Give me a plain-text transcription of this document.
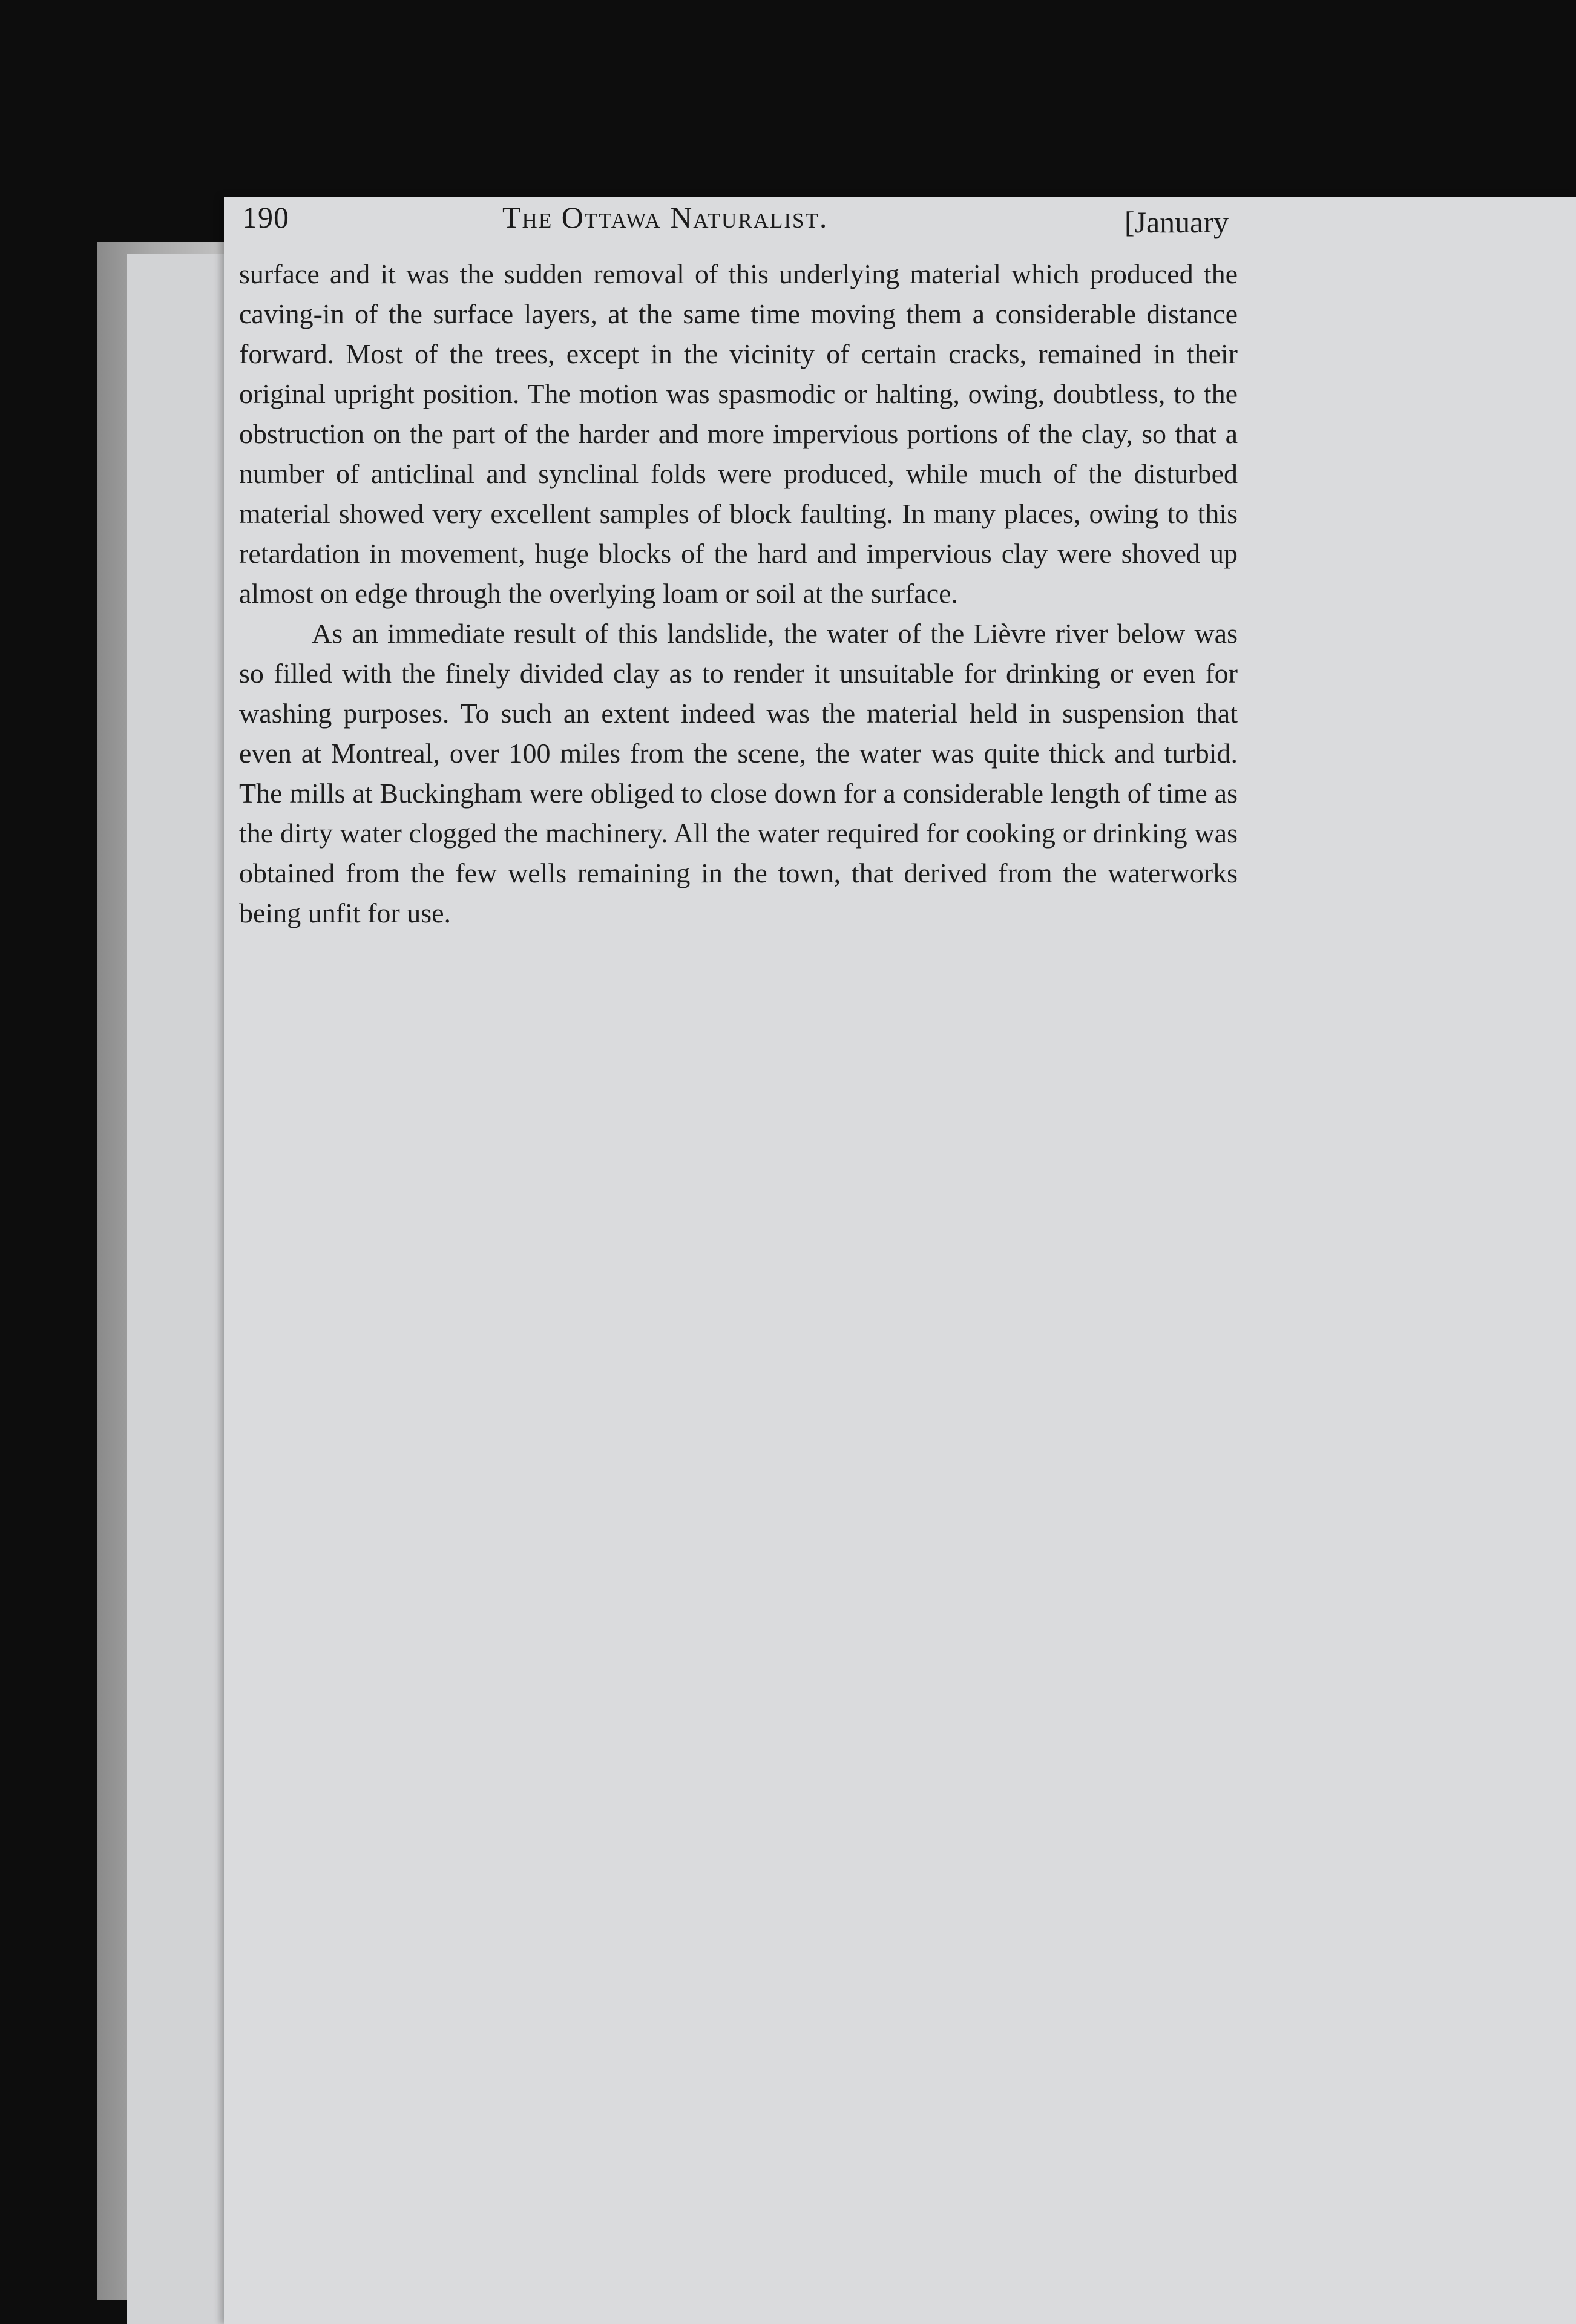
190	The Ottawa Naturalist.	[January

surface and it was the sudden removal of this underlying material which produced the caving-in of the surface layers, at the same time moving them a considerable distance forward. Most of the trees, except in the vicinity of certain cracks, remained in their original upright position. The motion was spasmodic or halting, owing, doubtless, to the obstruction on the part of the harder and more impervious portions of the clay, so that a number of anticlinal and synclinal folds were produced, while much of the disturbed material showed very excellent samples of block faulting. In many places, owing to this retardation in movement, huge blocks of the hard and impervious clay were shoved up almost on edge through the overlying loam or soil at the surface.

As an immediate result of this landslide, the water of the Lièvre river below was so filled with the finely divided clay as to render it unsuitable for drinking or even for washing purposes. To such an extent indeed was the material held in suspension that even at Montreal, over 100 miles from the scene, the water was quite thick and turbid. The mills at Buckingham were obliged to close down for a considerable length of time as the dirty water clogged the machinery. All the water required for cooking or drinking was obtained from the few wells remaining in the town, that derived from the waterworks being unfit for use.
